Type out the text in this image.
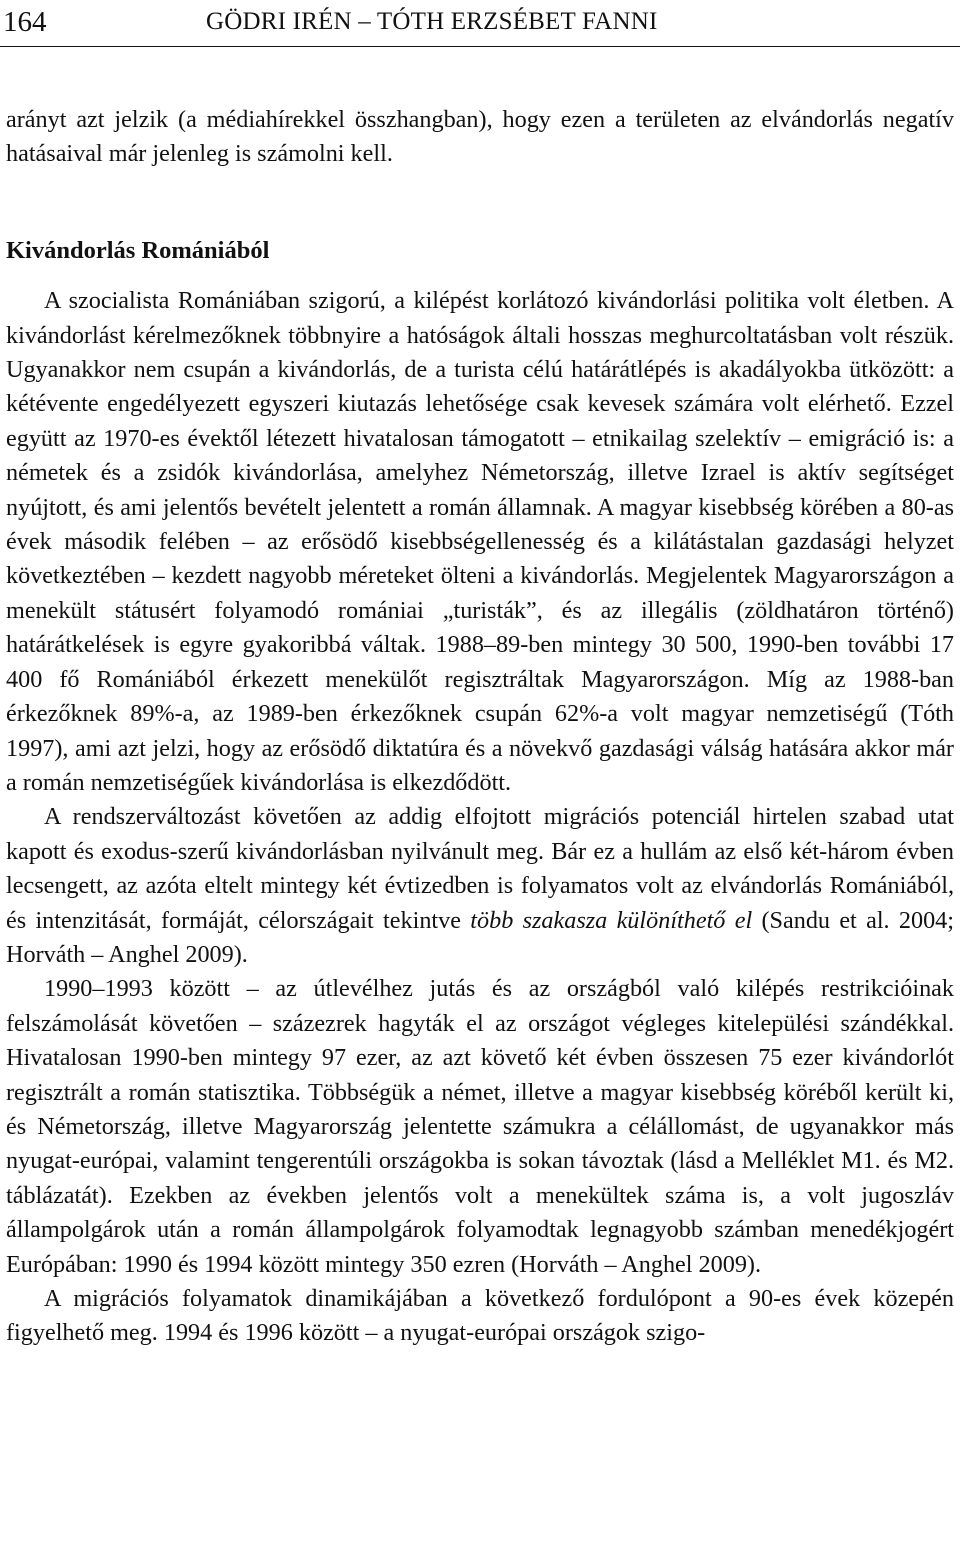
164	GÖDRI IRÉN – TÓTH ERZSÉBET FANNI

arányt azt jelzik (a médiahírekkel összhangban), hogy ezen a területen az elvándorlás negatív hatásaival már jelenleg is számolni kell.

Kivándorlás Romániából

A szocialista Romániában szigorú, a kilépést korlátozó kivándorlási politika volt életben. A kivándorlást kérelmezőknek többnyire a hatóságok általi hosszas meghurcoltatásban volt részük. Ugyanakkor nem csupán a kivándorlás, de a turista célú határátlépés is akadályokba ütközött: a kétévente engedélyezett egyszeri kiutazás lehetősége csak kevesek számára volt elérhető. Ezzel együtt az 1970-es évektől létezett hivatalosan támogatott – etnikailag szelektív – emigráció is: a németek és a zsidók kivándorlása, amelyhez Németország, illetve Izrael is aktív segítséget nyújtott, és ami jelentős bevételt jelentett a román államnak. A magyar kisebbség körében a 80-as évek második felében – az erősödő kisebbségellenesség és a kilátástalan gazdasági helyzet következtében – kezdett nagyobb méreteket ölteni a kivándorlás. Megjelentek Magyarországon a menekült státusért folyamodó romániai „turisták”, és az illegális (zöldhatáron történő) határátkelések is egyre gyakoribbá váltak. 1988–89-ben mintegy 30 500, 1990-ben további 17 400 fő Romániából érkezett menekülőt regisztráltak Magyarországon. Míg az 1988-ban érkezőknek 89%-a, az 1989-ben érkezőknek csupán 62%-a volt magyar nemzetiségű (Tóth 1997), ami azt jelzi, hogy az erősödő diktatúra és a növekvő gazdasági válság hatására akkor már a román nemzetiségűek kivándorlása is elkezdődött.

A rendszerváltozást követően az addig elfojtott migrációs potenciál hirtelen szabad utat kapott és exodus-szerű kivándorlásban nyilvánult meg. Bár ez a hullám az első két-három évben lecsengett, az azóta eltelt mintegy két évtizedben is folyamatos volt az elvándorlás Romániából, és intenzitását, formáját, célországait tekintve több szakasza különíthető el (Sandu et al. 2004; Horváth – Anghel 2009).

1990–1993 között – az útlevélhez jutás és az országból való kilépés restrikcióinak felszámolását követően – százezrek hagyták el az országot végleges kitelepülési szándékkal. Hivatalosan 1990-ben mintegy 97 ezer, az azt követő két évben összesen 75 ezer kivándorlót regisztrált a román statisztika. Többségük a német, illetve a magyar kisebbség köréből került ki, és Németország, illetve Magyarország jelentette számukra a célállomást, de ugyanakkor más nyugat-európai, valamint tengerentúli országokba is sokan távoztak (lásd a Melléklet M1. és M2. táblázatát). Ezekben az években jelentős volt a menekültek száma is, a volt jugoszláv állampolgárok után a román állampolgárok folyamodtak legnagyobb számban menedékjogért Európában: 1990 és 1994 között mintegy 350 ezren (Horváth – Anghel 2009).

A migrációs folyamatok dinamikájában a következő fordulópont a 90-es évek közepén figyelhető meg. 1994 és 1996 között – a nyugat-európai országok szigo-
